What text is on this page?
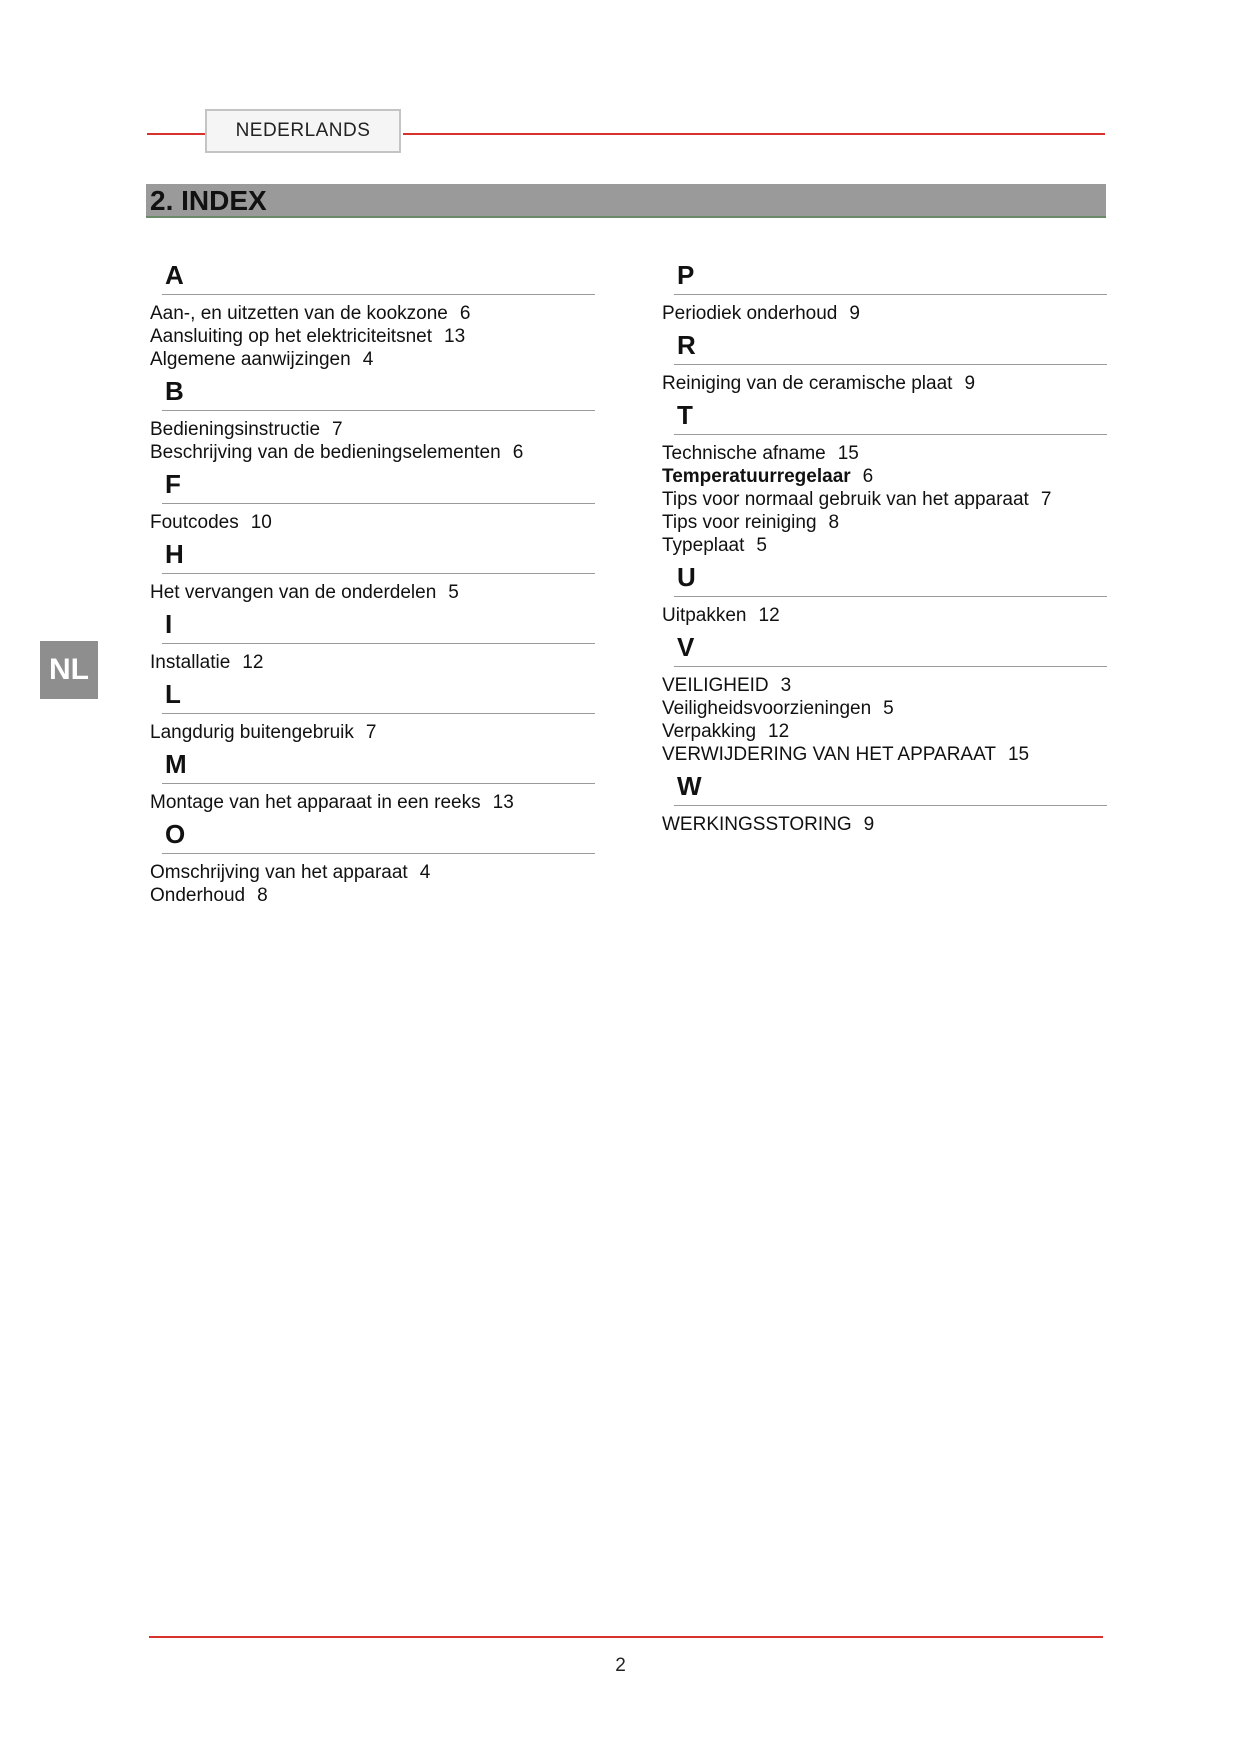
NEDERLANDS
2. INDEX
NL
A
Aan-, en uitzetten van de kookzone 6
Aansluiting op het elektriciteitsnet 13
Algemene aanwijzingen 4
B
Bedieningsinstructie 7
Beschrijving van de bedieningselementen 6
F
Foutcodes 10
H
Het vervangen van de onderdelen 5
I
Installatie 12
L
Langdurig buitengebruik 7
M
Montage van het apparaat in een reeks 13
O
Omschrijving van het apparaat 4
Onderhoud 8
P
Periodiek onderhoud 9
R
Reiniging van de ceramische plaat 9
T
Technische afname 15
Temperatuurregelaar 6
Tips voor normaal gebruik van het apparaat 7
Tips voor reiniging 8
Typeplaat 5
U
Uitpakken 12
V
VEILIGHEID 3
Veiligheidsvoorzieningen 5
Verpakking 12
VERWIJDERING VAN HET APPARAAT 15
W
WERKINGSSTORING 9
2
